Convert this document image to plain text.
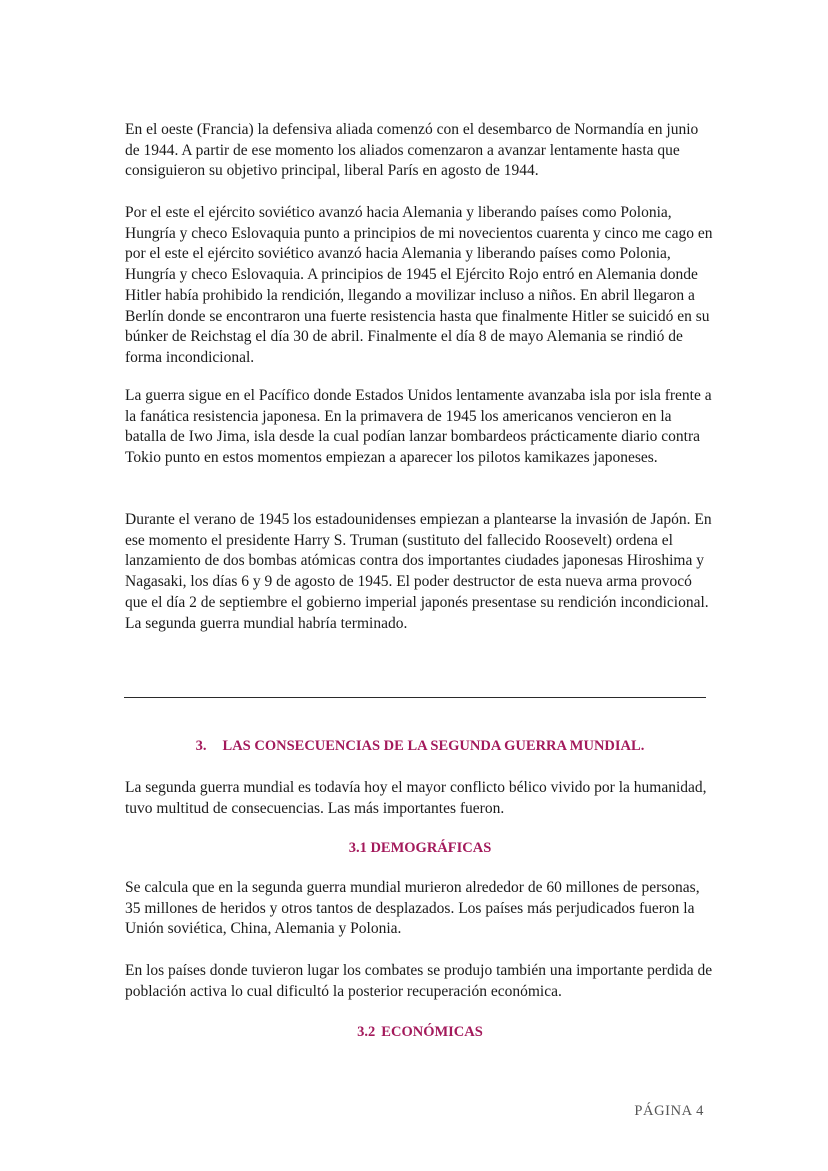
En el oeste (Francia) la defensiva aliada comenzó con el desembarco de Normandía en junio de 1944. A partir de ese momento los aliados comenzaron a avanzar lentamente hasta que consiguieron su objetivo principal, liberal París en agosto de 1944.

Por el este el ejército soviético avanzó hacia Alemania y liberando países como Polonia, Hungría y checo Eslovaquia punto a principios de mi novecientos cuarenta y cinco me cago en por el este el ejército soviético avanzó hacia Alemania y liberando países como Polonia, Hungría y checo Eslovaquia. A principios de 1945 el Ejército Rojo entró en Alemania donde Hitler había prohibido la rendición, llegando a movilizar incluso a niños. En abril llegaron a Berlín donde se encontraron una fuerte resistencia hasta que finalmente Hitler se suicidó en su búnker de Reichstag el día 30 de abril. Finalmente el día 8 de mayo Alemania se rindió de forma incondicional.

La guerra sigue en el Pacífico donde Estados Unidos lentamente avanzaba isla por isla frente a la fanática resistencia japonesa. En la primavera de 1945 los americanos vencieron en la batalla de Iwo Jima, isla desde la cual podían lanzar bombardeos prácticamente diario contra Tokio punto en estos momentos empiezan a aparecer los pilotos kamikazes japoneses.

Durante el verano de 1945 los estadounidenses empiezan a plantearse la invasión de Japón. En ese momento el presidente Harry S. Truman (sustituto del fallecido Roosevelt) ordena el lanzamiento de dos bombas atómicas contra dos importantes ciudades japonesas Hiroshima y Nagasaki, los días 6 y 9 de agosto de 1945. El poder destructor de esta nueva arma provocó que el día 2 de septiembre el gobierno imperial japonés presentase su rendición incondicional. La segunda guerra mundial habría terminado.

3. LAS CONSECUENCIAS DE LA SEGUNDA GUERRA MUNDIAL.

La segunda guerra mundial es todavía hoy el mayor conflicto bélico vivido por la humanidad, tuvo multitud de consecuencias. Las más importantes fueron.

3.1 DEMOGRÁFICAS

Se calcula que en la segunda guerra mundial murieron alrededor de 60 millones de personas, 35 millones de heridos y otros tantos de desplazados. Los países más perjudicados fueron la Unión soviética, China, Alemania y Polonia.

En los países donde tuvieron lugar los combates se produjo también una importante perdida de población activa lo cual dificultó la posterior recuperación económica.

3.2 ECONÓMICAS
PÁGINA 4
